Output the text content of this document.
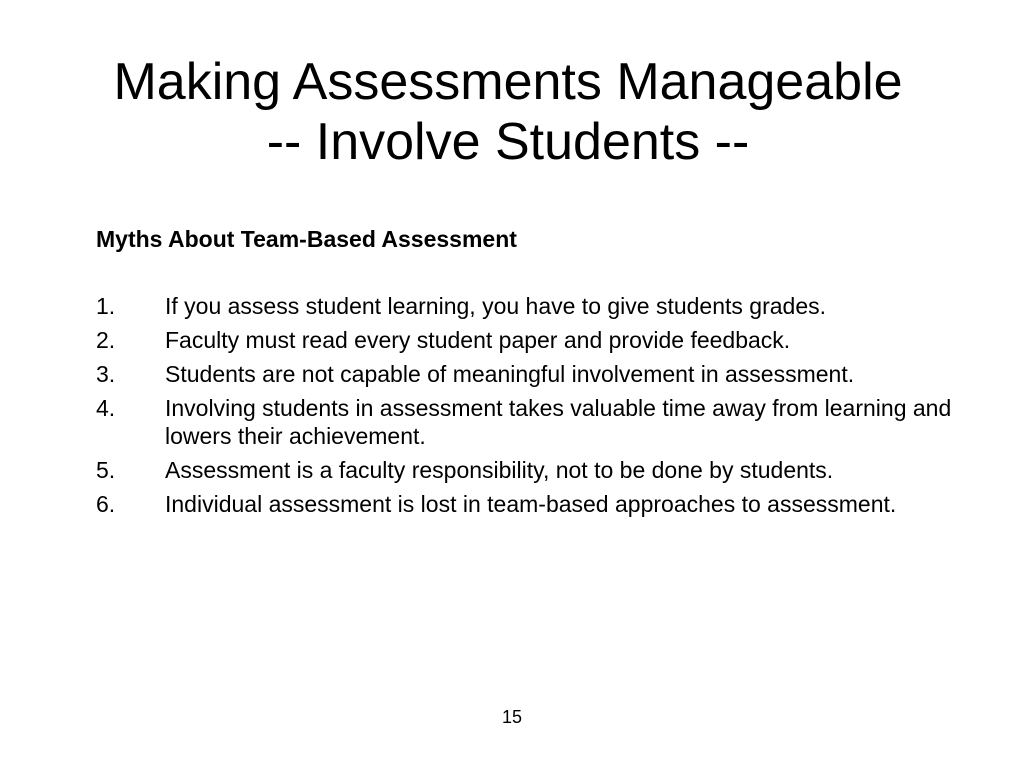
Making Assessments Manageable
-- Involve Students --
Myths About Team-Based Assessment
1. If you assess student learning, you have to give students grades.
2. Faculty must read every student paper and provide feedback.
3. Students are not capable of meaningful involvement in assessment.
4. Involving students in assessment takes valuable time away from learning and lowers their achievement.
5. Assessment is a faculty responsibility, not to be done by students.
6. Individual assessment is lost in team-based approaches to assessment.
15
